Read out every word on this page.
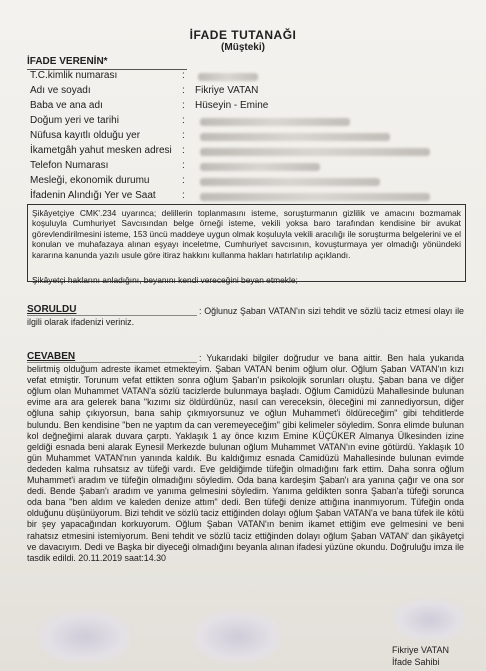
İFADE TUTANAĞI
(Müşteki)
İFADE VERENİN*
T.C.kimlik numarası	:
Adı ve soyadı	: Fikriye VATAN
Baba ve ana adı	: Hüseyin - Emine
Doğum yeri ve tarihi	:
Nüfusa kayıtlı olduğu yer	:
İkametgâh yahut mesken adresi :
Telefon Numarası	:
Mesleği, ekonomik durumu	:
İfadenin Alındığı Yer ve Saat	:
Şikâyetçiye CMK'.234 uyarınca; delillerin toplanmasını isteme, soruşturmanın gizlilik ve amacını bozmamak koşuluyla Cumhuriyet Savcısından belge örneği isteme, vekili yoksa baro tarafından kendisine bir avukat görevlendirilmesini isteme, 153 üncü maddeye uygun olmak koşuluyla vekili aracılığı ile soruşturma belgelerini ve el konulan ve muhafazaya alınan eşyayı inceletme, Cumhuriyet savcısının, kovuşturmaya yer olmadığı yönündeki kararına kanunda yazılı usule göre itiraz hakkını kullanma hakları hatırlatılıp açıklandı.
Şikâyetçi haklarını anladığını, beyanını kendi vereceğini beyan etmekle;
SORULDU	: Oğlunuz Şaban VATAN'ın sizi tehdit ve sözlü taciz etmesi olayı ile ilgili olarak ifadenizi veriniz.
CEVABEN	: Yukarıdaki bilgiler doğrudur ve bana aittir. Ben hala yukarıda belirtmiş olduğum adreste ikamet etmekteyim. Şaban VATAN benim oğlum olur. Oğlum Şaban VATAN'ın kızı vefat etmiştir. Torunum vefat ettikten sonra oğlum Şaban'ın psikolojik sorunları oluştu. Şaban bana ve diğer oğlum olan Muhammet VATAN'a sözlü tacizlerde bulunmaya başladı. Oğlum Camidüzü Mahallesinde bulunan evime ara ara gelerek bana "kızımı siz öldürdünüz, nasıl can vereceksin, öleceğini mi zannediyorsun, diğer oğluna sahip çıkıyorsun, bana sahip çıkmıyorsunuz ve oğlun Muhammet'i öldüreceğim" gibi tehditlerde bulundu. Ben kendisine "ben ne yaptım da can veremeyeceğim" gibi kelimeler söyledim. Sonra elimde bulunan kol değneğimi alarak duvara çarptı. Yaklaşık 1 ay önce kızım Emine KÜÇÜKER Almanya Ülkesinden izine geldiği esnada beni alarak Eynesil Merkezde bulunan oğlum Muhammet VATAN'ın evine götürdü. Yaklaşık 10 gün Muhammet VATAN'nın yanında kaldık. Bu kaldığımız esnada Camidüzü Mahallesinde bulunan evimde dededen kalma ruhsatsız av tüfeği vardı. Eve geldiğimde tüfeğin olmadığını fark ettim. Daha sonra oğlum Muhammet'i aradım ve tüfeğin olmadığını söyledim. Oda bana kardeşim Şaban'ı ara yanına çağır ve ona sor dedi. Bende Şaban'ı aradım ve yanıma gelmesini söyledim. Yanıma geldikten sonra Şaban'a tüfeği sorunca oda bana "ben aldım ve kaleden denize attım" dedi. Ben tüfeği denize attığına inanmıyorum. Tüfeğin onda olduğunu düşünüyorum. Bizi tehdit ve sözlü taciz ettiğinden dolayı oğlum Şaban VATAN'a ve bana tüfek ile kötü bir şey yapacağından korkuyorum. Oğlum Şaban VATAN'ın benim ikamet ettiğim eve gelmesini ve beni rahatsız etmesini istemiyorum. Beni tehdit ve sözlü taciz ettiğinden dolayı oğlum Şaban VATAN' dan şikâyetçi ve davacıyım. Dedi ve Başka bir diyeceği olmadığını beyanla alınan ifadesi yüzüne okundu. Doğruluğu imza ile tasdik edildi. 20.11.2019 saat:14.30
Fikriye VATAN
İfade Sahibi
